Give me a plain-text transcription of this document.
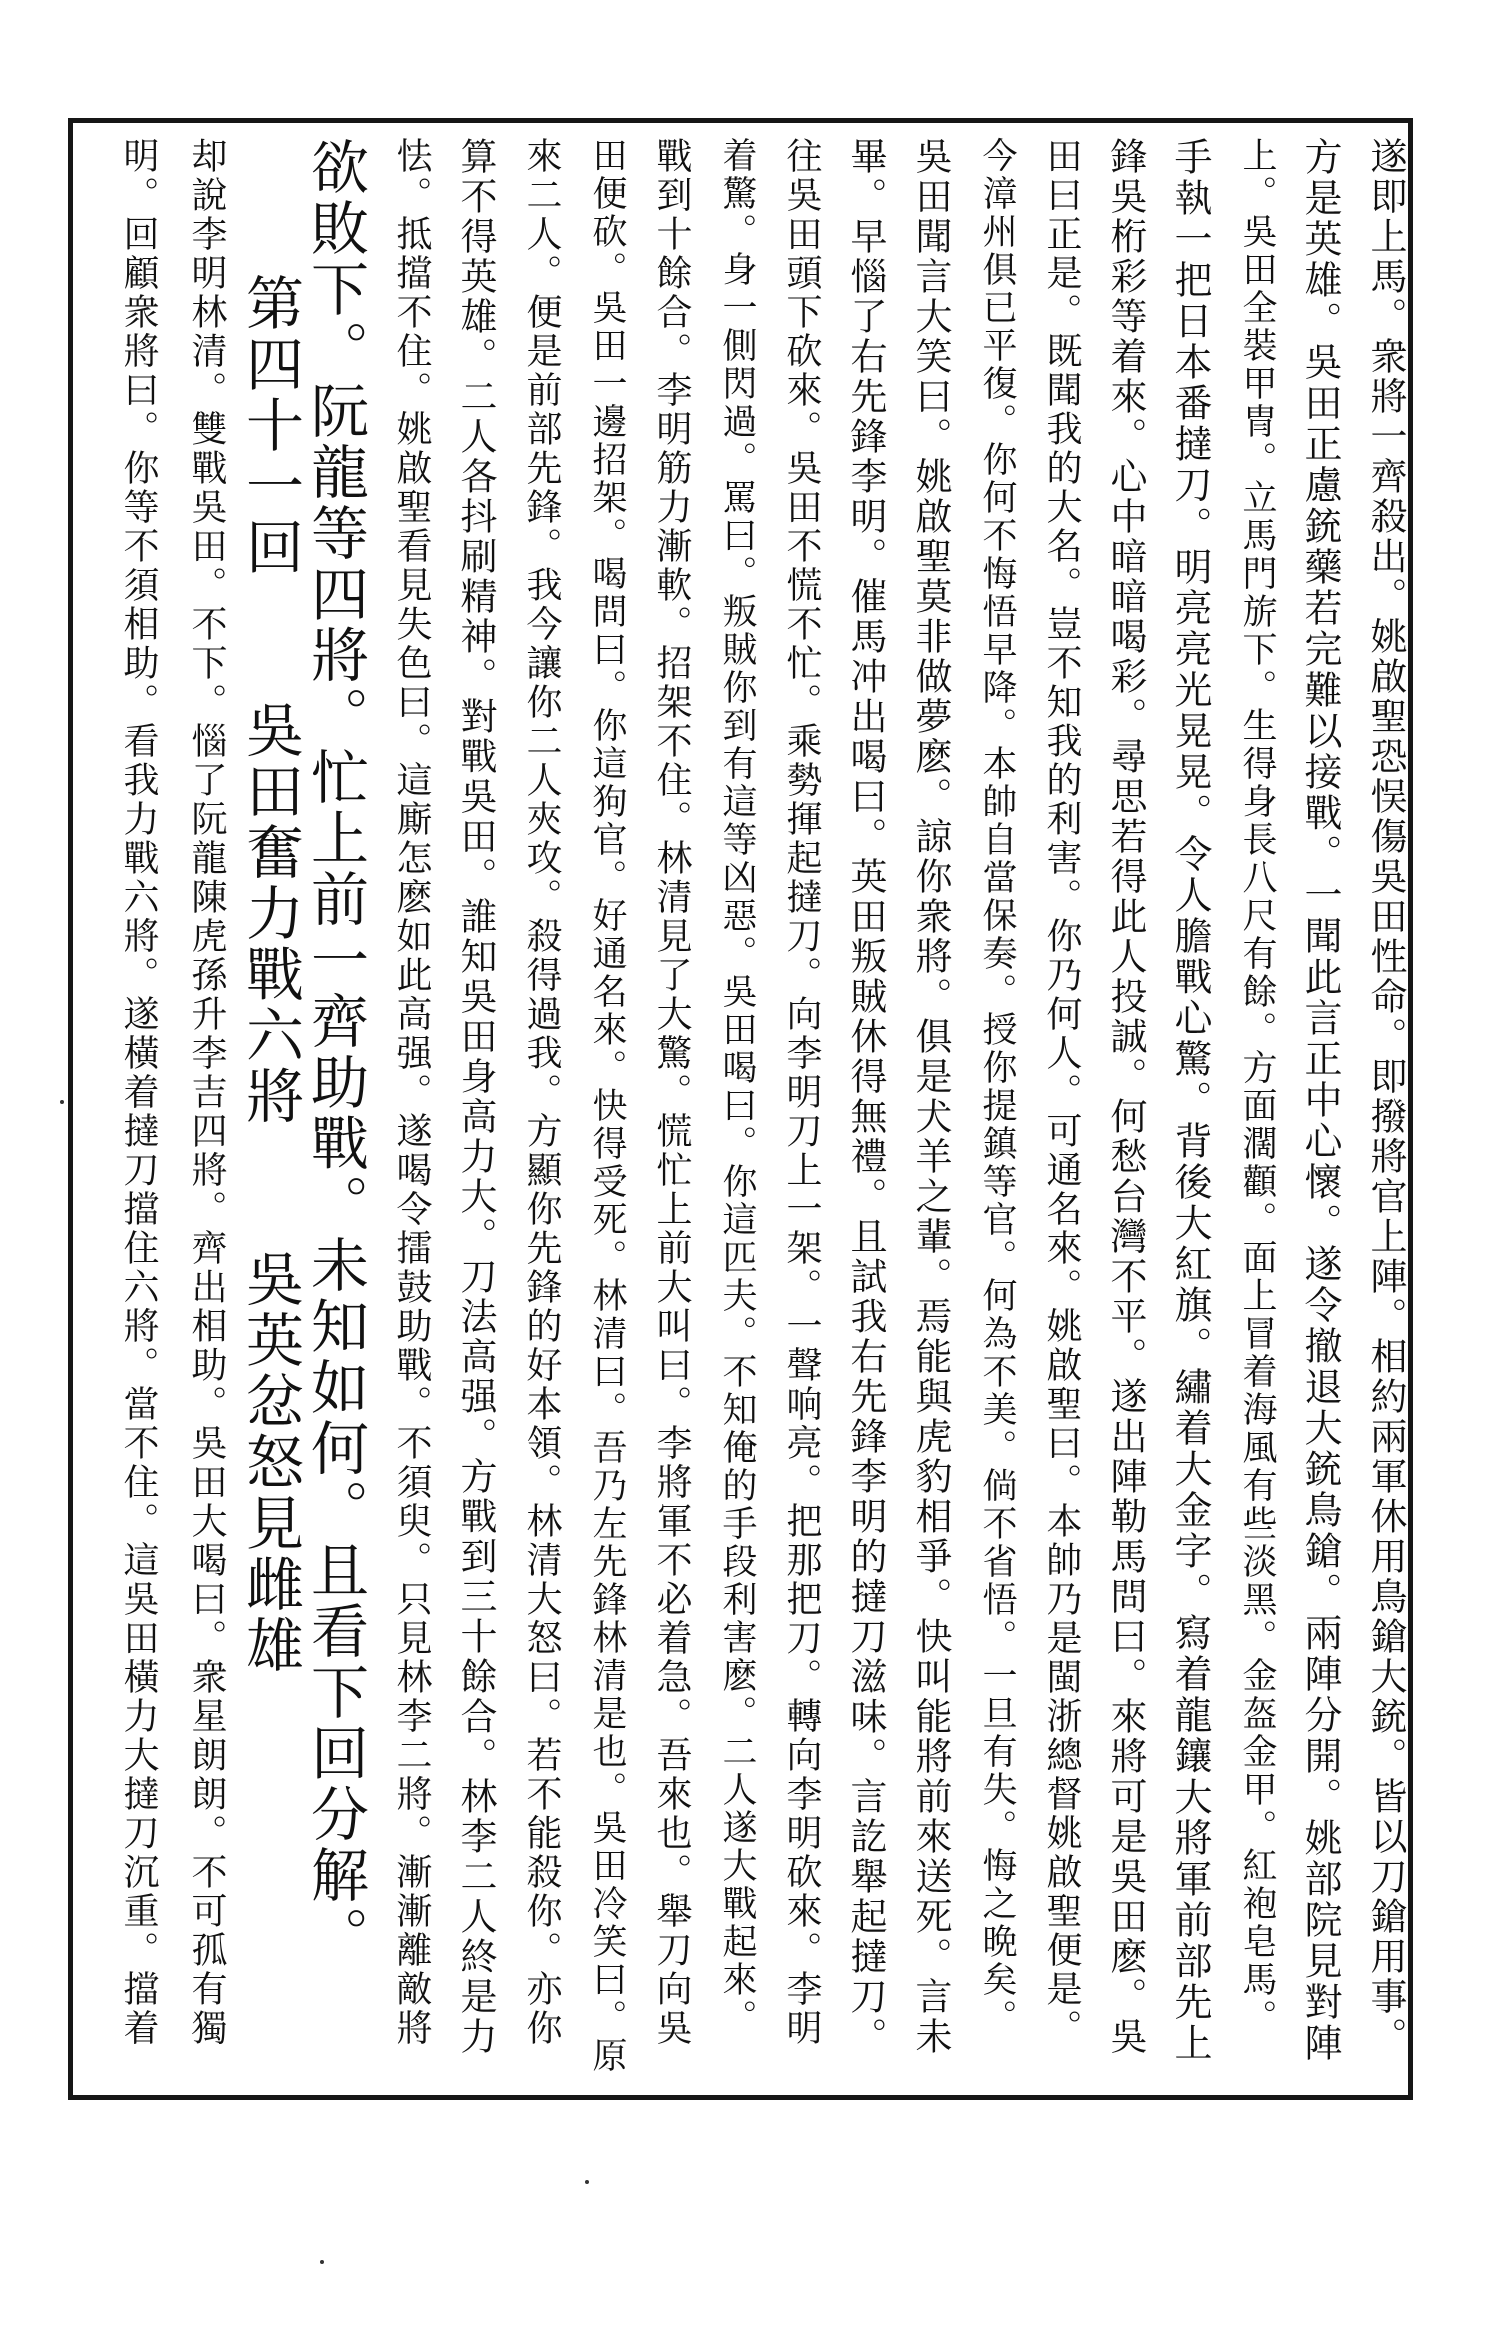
遂即上馬。衆將一齊殺出。姚啟聖恐悮傷吳田性命。即撥將官上陣。相約兩軍休用鳥鎗大銃。皆以刀鎗用事。
方是英雄。吳田正慮銃藥若完難以接戰。一聞此言正中心懷。遂令撤退大銃鳥鎗。兩陣分開。姚部院見對陣
上。吳田全裝甲冑。立馬門旂下。生得身長八尺有餘。方面濶顴。面上冒着海風有些淡黑。金盔金甲。紅袍皂馬。
手執一把日本番撻刀。明亮亮光晃晃。令人膽戰心驚。背後大紅旗。繡着大金字。寫着龍鑲大將軍前部先上
鋒吳桁彩等着來。心中暗暗喝彩。尋思若得此人投誠。何愁台灣不平。遂出陣勒馬問曰。來將可是吳田麽。吳
田曰正是。既聞我的大名。豈不知我的利害。你乃何人。可通名來。姚啟聖曰。本帥乃是閩浙總督姚啟聖便是。
今漳州俱已平復。你何不悔悟早降。本帥自當保奏。授你提鎮等官。何為不美。倘不省悟。一旦有失。悔之晩矣。
吳田聞言大笑曰。姚啟聖莫非做夢麽。諒你衆將。俱是犬羊之輩。焉能與虎豹相爭。快叫能將前來送死。言未
畢。早惱了右先鋒李明。催馬冲出喝曰。英田叛賊休得無禮。且試我右先鋒李明的撻刀滋味。言訖舉起撻刀。
往吳田頭下砍來。吳田不慌不忙。乘勢揮起撻刀。向李明刀上一架。一聲响亮。把那把刀。轉向李明砍來。李明
着驚。身一側閃過。罵曰。叛賊你到有這等凶惡。吳田喝曰。你這匹夫。不知俺的手段利害麽。二人遂大戰起來。
戰到十餘合。李明筋力漸軟。招架不住。林清見了大驚。慌忙上前大叫曰。李將軍不必着急。吾來也。舉刀向吳
田便砍。吳田一邊招架。喝問曰。你這狗官。好通名來。快得受死。林清曰。吾乃左先鋒林清是也。吳田冷笑曰。原
來二人。便是前部先鋒。我今讓你二人夾攻。殺得過我。方顯你先鋒的好本領。林清大怒曰。若不能殺你。亦你
算不得英雄。二人各抖刷精神。對戰吳田。誰知吳田身高力大。刀法高强。方戰到三十餘合。林李二人終是力
怯。抵擋不住。姚啟聖看見失色曰。這廝怎麽如此高强。遂喝令擂鼓助戰。不須臾。只見林李二將。漸漸離敵將
欲敗下。阮龍等四將。忙上前一齊助戰。未知如何。且看下回分解。
第四十一回　　吳田奮力戰六將　　吳英忿怒見雌雄
却說李明林清。雙戰吳田。不下。惱了阮龍陳虎孫升李吉四將。齊出相助。吳田大喝曰。衆星朗朗。不可孤有獨
明。回顧衆將曰。你等不須相助。看我力戰六將。遂橫着撻刀擋住六將。當不住。這吳田橫力大撻刀沉重。擋着
